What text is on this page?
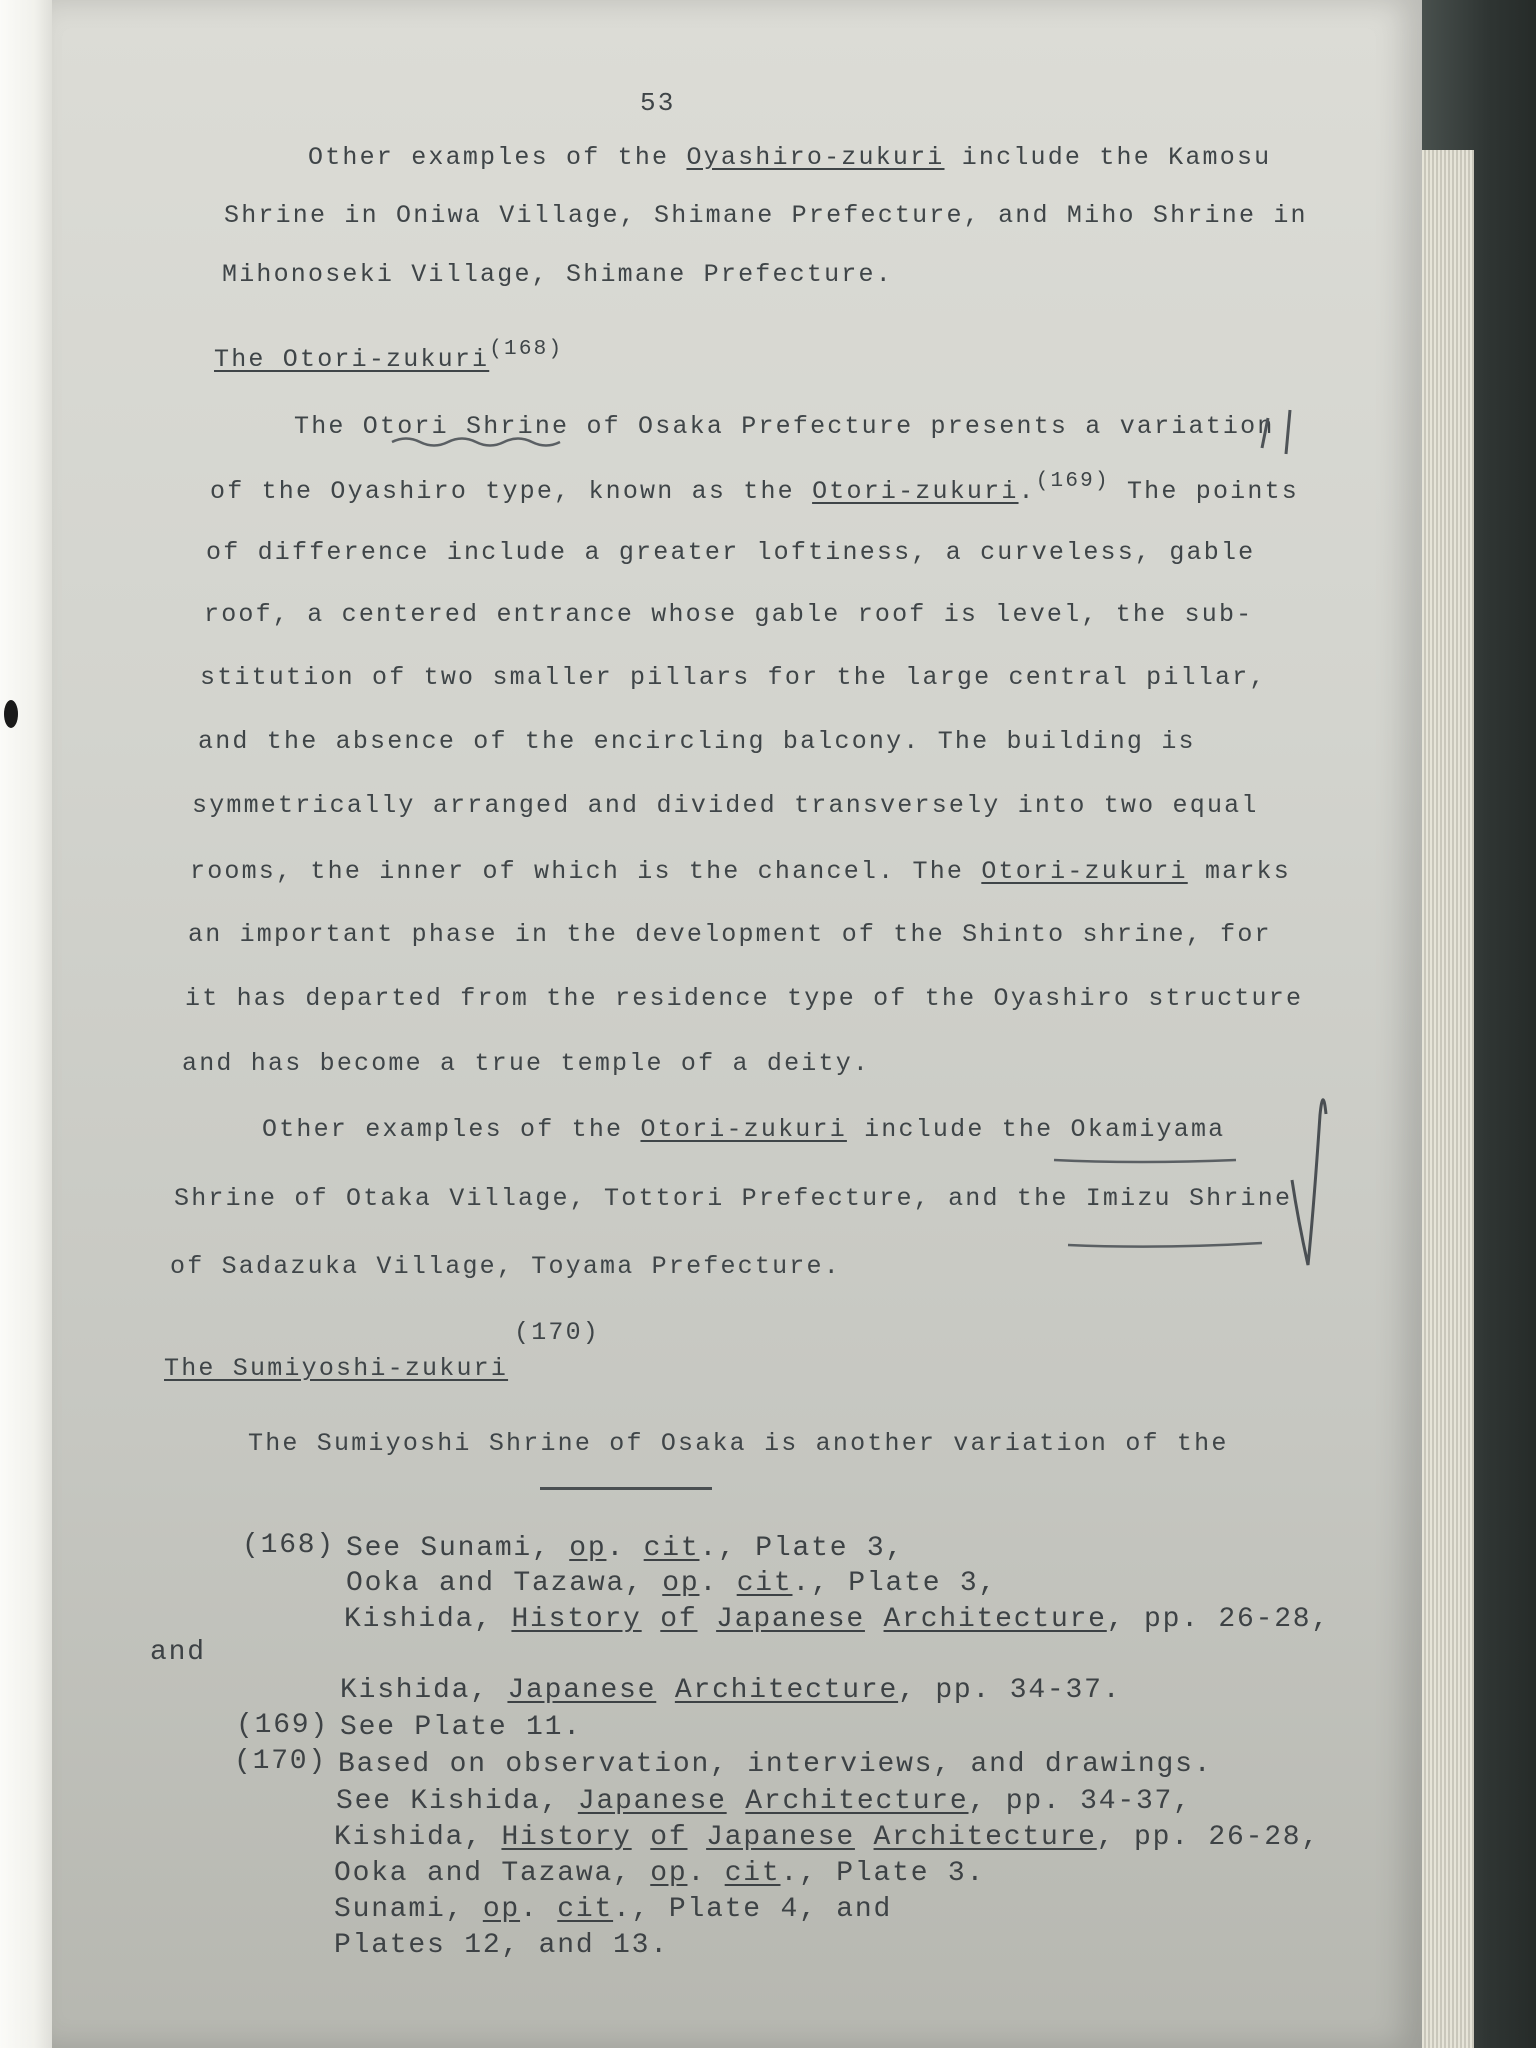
53
Other examples of the Oyashiro-zukuri include the Kamosu
Shrine in Oniwa Village, Shimane Prefecture, and Miho Shrine in
Mihonoseki Village, Shimane Prefecture.
The Otori-zukuri$^{(168)}$
The Otori Shrine of Osaka Prefecture presents a variation
of the Oyashiro type, known as the Otori-zukuri.$^{(169)}$ The points
of difference include a greater loftiness, a curveless, gable
roof, a centered entrance whose gable roof is level, the sub-
stitution of two smaller pillars for the large central pillar,
and the absence of the encircling balcony. The building is
symmetrically arranged and divided transversely into two equal
rooms, the inner of which is the chancel. The Otori-zukuri marks
an important phase in the development of the Shinto shrine, for
it has departed from the residence type of the Oyashiro structure
and has become a true temple of a deity.
Other examples of the Otori-zukuri include the Okamiyama
Shrine of Otaka Village, Tottori Prefecture, and the Imizu Shrine
of Sadazuka Village, Toyama Prefecture.
(170)
The Sumiyoshi-zukuri
The Sumiyoshi Shrine of Osaka is another variation of the
(168) See Sunami, op. cit., Plate 3,
Ooka and Tazawa, op. cit., Plate 3,
Kishida, History of Japanese Architecture, pp. 26-28,
and
Kishida, Japanese Architecture, pp. 34-37.
(169) See Plate 11.
(170) Based on observation, interviews, and drawings.
See Kishida, Japanese Architecture, pp. 34-37,
Kishida, History of Japanese Architecture, pp. 26-28,
Ooka and Tazawa, op. cit., Plate 3.
Sunami, op. cit., Plate 4, and
Plates 12, and 13.
